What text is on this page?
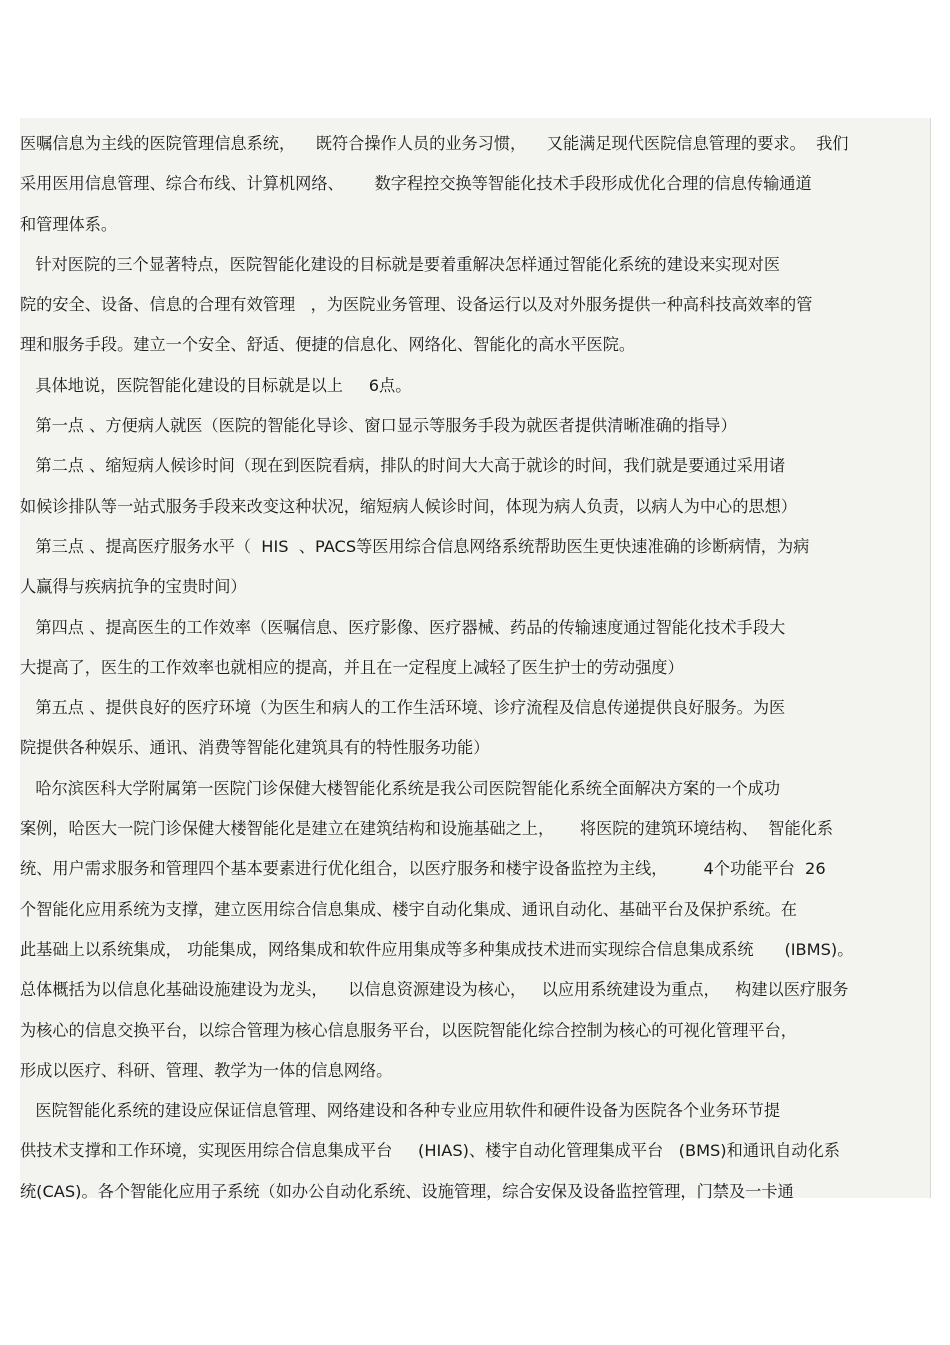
医嘱信息为主线的医院管理信息系统，    既符合操作人员的业务习惯，    又能满足现代医院信息管理的要求。  我们
采用医用信息管理、综合布线、计算机网络、      数字程控交换等智能化技术手段形成优化合理的信息传输通道
和管理体系。
针对医院的三个显著特点，医院智能化建设的目标就是要着重解决怎样通过智能化系统的建设来实现对医
院的安全、设备、信息的合理有效管理   ，为医院业务管理、设备运行以及对外服务提供一种高科技高效率的管
理和服务手段。建立一个安全、舒适、便捷的信息化、网络化、智能化的高水平医院。
具体地说，医院智能化建设的目标就是以上     6点。
第一点 、方便病人就医（医院的智能化导诊、窗口显示等服务手段为就医者提供清晰准确的指导）
第二点 、缩短病人候诊时间（现在到医院看病，排队的时间大大高于就诊的时间，我们就是要通过采用诸
如候诊排队等一站式服务手段来改变这种状况，缩短病人候诊时间，体现为病人负责，以病人为中心的思想）
第三点 、提高医疗服务水平（  HIS  、PACS等医用综合信息网络系统帮助医生更快速准确的诊断病情，为病
人赢得与疾病抗争的宝贵时间）
第四点 、提高医生的工作效率（医嘱信息、医疗影像、医疗器械、药品的传输速度通过智能化技术手段大
大提高了，医生的工作效率也就相应的提高，并且在一定程度上减轻了医生护士的劳动强度）
第五点 、提供良好的医疗环境（为医生和病人的工作生活环境、诊疗流程及信息传递提供良好服务。为医
院提供各种娱乐、通讯、消费等智能化建筑具有的特性服务功能）
哈尔滨医科大学附属第一医院门诊保健大楼智能化系统是我公司医院智能化系统全面解决方案的一个成功
案例，哈医大一院门诊保健大楼智能化是建立在建筑结构和设施基础之上，     将医院的建筑环境结构、  智能化系
统、用户需求服务和管理四个基本要素进行优化组合，以医疗服务和楼宇设备监控为主线，       4个功能平台  26
个智能化应用系统为支撑，建立医用综合信息集成、楼宇自动化集成、通讯自动化、基础平台及保护系统。在
此基础上以系统集成， 功能集成，网络集成和软件应用集成等多种集成技术进而实现综合信息集成系统      (IBMS)。
总体概括为以信息化基础设施建设为龙头，    以信息资源建设为核心，   以应用系统建设为重点，   构建以医疗服务
为核心的信息交换平台，以综合管理为核心信息服务平台，以医院智能化综合控制为核心的可视化管理平台，
形成以医疗、科研、管理、教学为一体的信息网络。
医院智能化系统的建设应保证信息管理、网络建设和各种专业应用软件和硬件设备为医院各个业务环节提
供技术支撑和工作环境，实现医用综合信息集成平台     (HIAS)、楼宇自动化管理集成平台   (BMS)和通讯自动化系
统(CAS)。各个智能化应用子系统（如办公自动化系统、设施管理，综合安保及设备监控管理，门禁及一卡通
